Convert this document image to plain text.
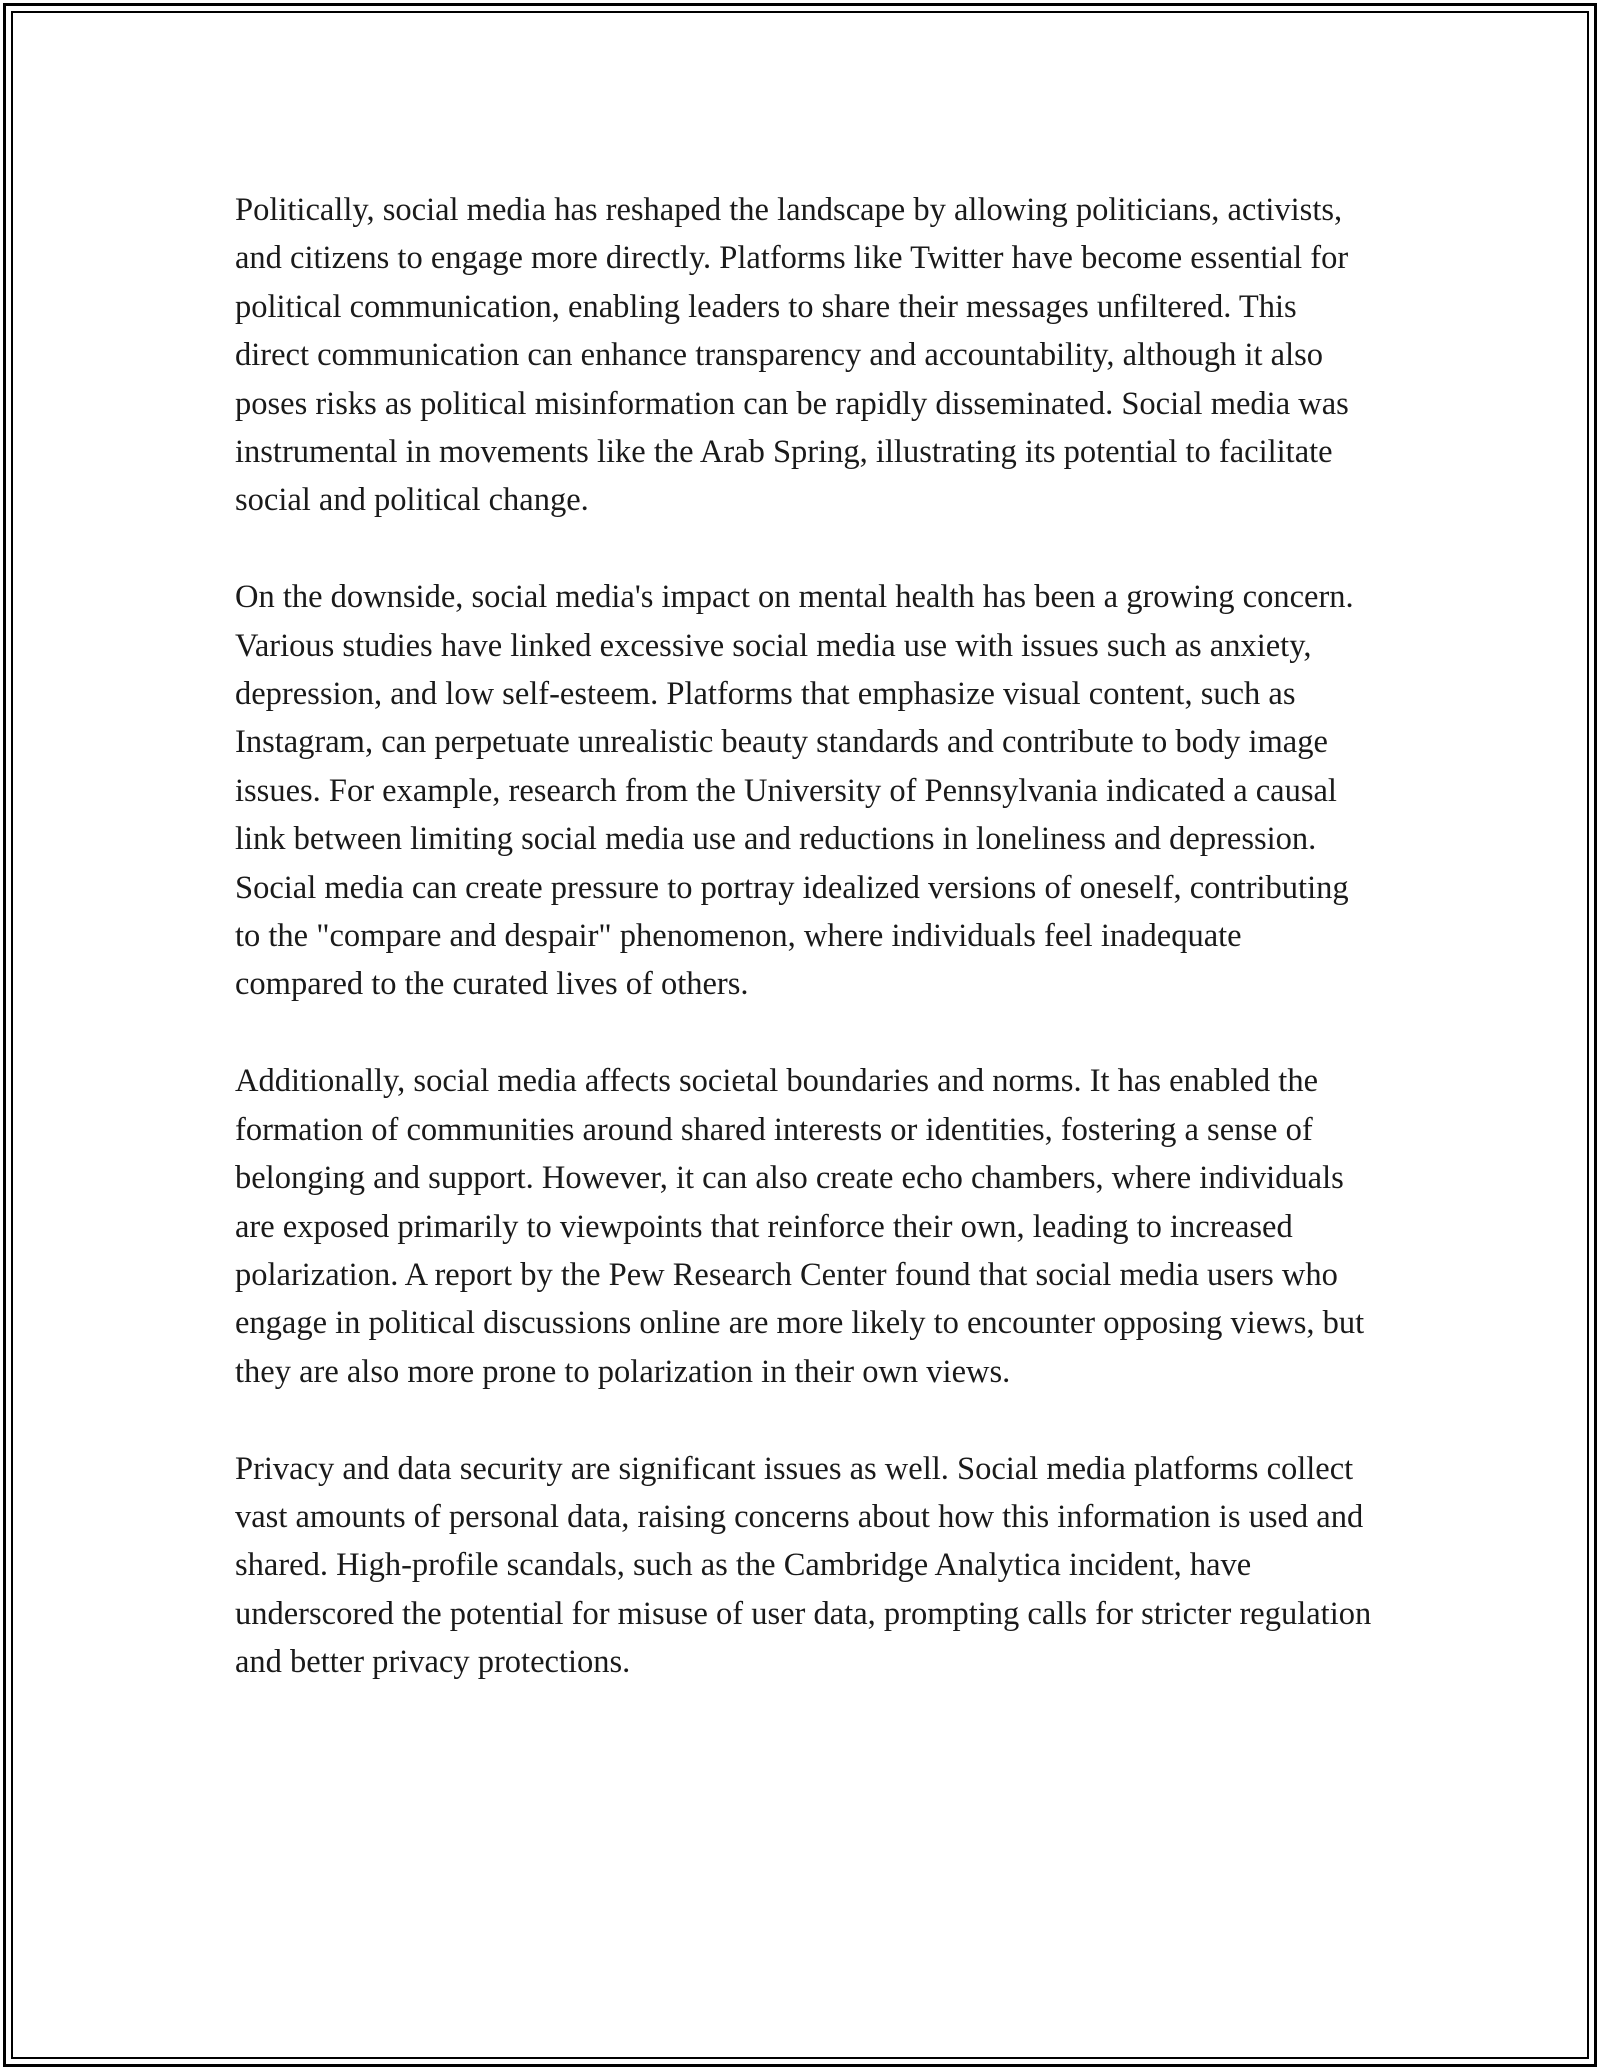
Politically, social media has reshaped the landscape by allowing politicians, activists, and citizens to engage more directly. Platforms like Twitter have become essential for political communication, enabling leaders to share their messages unfiltered. This direct communication can enhance transparency and accountability, although it also poses risks as political misinformation can be rapidly disseminated. Social media was instrumental in movements like the Arab Spring, illustrating its potential to facilitate social and political change.

On the downside, social media's impact on mental health has been a growing concern. Various studies have linked excessive social media use with issues such as anxiety, depression, and low self-esteem. Platforms that emphasize visual content, such as Instagram, can perpetuate unrealistic beauty standards and contribute to body image issues. For example, research from the University of Pennsylvania indicated a causal link between limiting social media use and reductions in loneliness and depression. Social media can create pressure to portray idealized versions of oneself, contributing to the "compare and despair" phenomenon, where individuals feel inadequate compared to the curated lives of others.

Additionally, social media affects societal boundaries and norms. It has enabled the formation of communities around shared interests or identities, fostering a sense of belonging and support. However, it can also create echo chambers, where individuals are exposed primarily to viewpoints that reinforce their own, leading to increased polarization. A report by the Pew Research Center found that social media users who engage in political discussions online are more likely to encounter opposing views, but they are also more prone to polarization in their own views.

Privacy and data security are significant issues as well. Social media platforms collect vast amounts of personal data, raising concerns about how this information is used and shared. High-profile scandals, such as the Cambridge Analytica incident, have underscored the potential for misuse of user data, prompting calls for stricter regulation and better privacy protections.
